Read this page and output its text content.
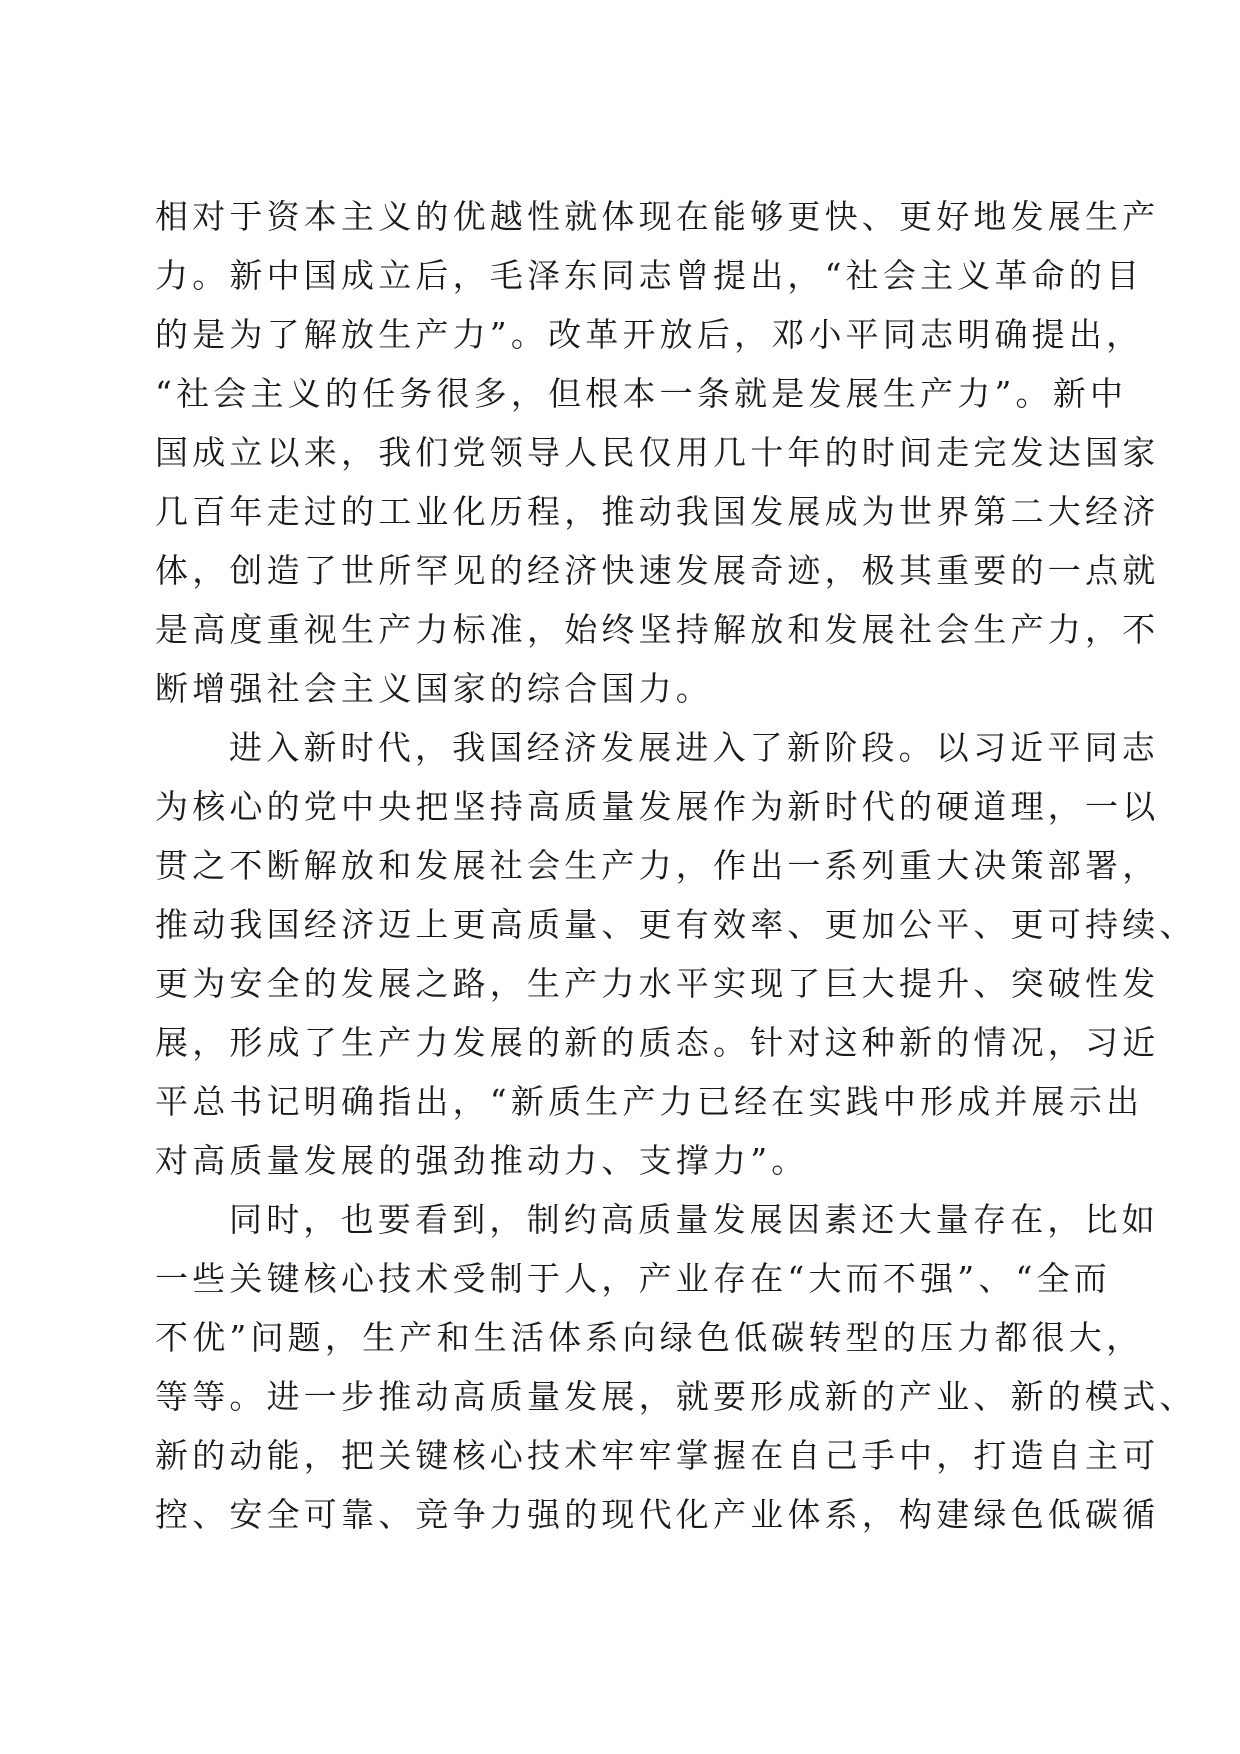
相对于资本主义的优越性就体现在能够更快、更好地发展生产
力。新中国成立后，毛泽东同志曾提出，“社会主义革命的目
的是为了解放生产力”。改革开放后，邓小平同志明确提出，
“社会主义的任务很多，但根本一条就是发展生产力”。新中
国成立以来，我们党领导人民仅用几十年的时间走完发达国家
几百年走过的工业化历程，推动我国发展成为世界第二大经济
体，创造了世所罕见的经济快速发展奇迹，极其重要的一点就
是高度重视生产力标准，始终坚持解放和发展社会生产力，不
断增强社会主义国家的综合国力。
进入新时代，我国经济发展进入了新阶段。以习近平同志
为核心的党中央把坚持高质量发展作为新时代的硬道理，一以
贯之不断解放和发展社会生产力，作出一系列重大决策部署，
推动我国经济迈上更高质量、更有效率、更加公平、更可持续、
更为安全的发展之路，生产力水平实现了巨大提升、突破性发
展，形成了生产力发展的新的质态。针对这种新的情况，习近
平总书记明确指出，“新质生产力已经在实践中形成并展示出
对高质量发展的强劲推动力、支撑力”。
同时，也要看到，制约高质量发展因素还大量存在，比如
一些关键核心技术受制于人，产业存在“大而不强”、“全而
不优”问题，生产和生活体系向绿色低碳转型的压力都很大，
等等。进一步推动高质量发展，就要形成新的产业、新的模式、
新的动能，把关键核心技术牢牢掌握在自己手中，打造自主可
控、安全可靠、竞争力强的现代化产业体系，构建绿色低碳循
